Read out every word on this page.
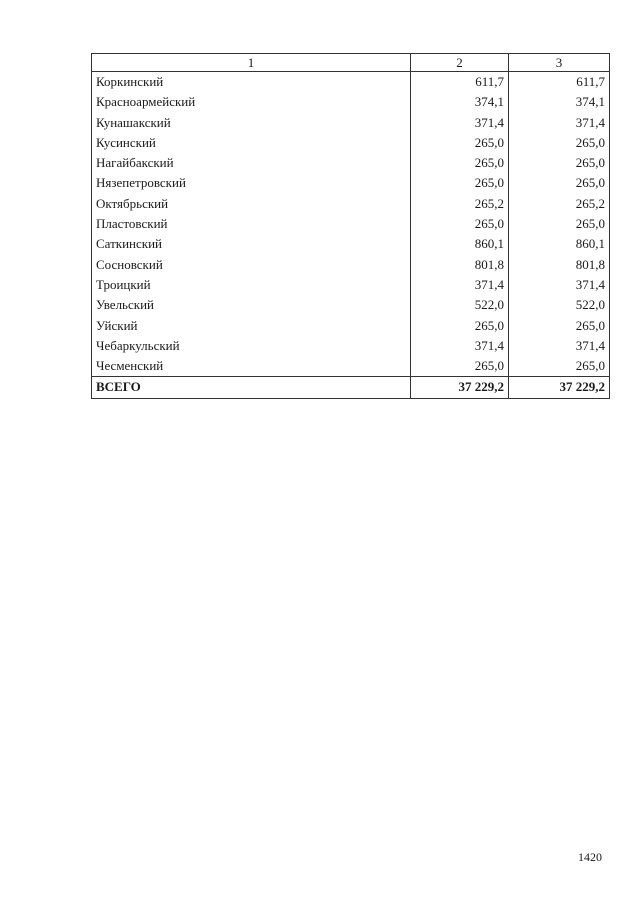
1	2	3
Коркинский	611,7	611,7
Красноармейский	374,1	374,1
Кунашакский	371,4	371,4
Кусинский	265,0	265,0
Нагайбакский	265,0	265,0
Нязепетровский	265,0	265,0
Октябрьский	265,2	265,2
Пластовский	265,0	265,0
Саткинский	860,1	860,1
Сосновский	801,8	801,8
Троицкий	371,4	371,4
Увельский	522,0	522,0
Уйский	265,0	265,0
Чебаркульский	371,4	371,4
Чесменский	265,0	265,0
ВСЕГО	37 229,2	37 229,2
1420
